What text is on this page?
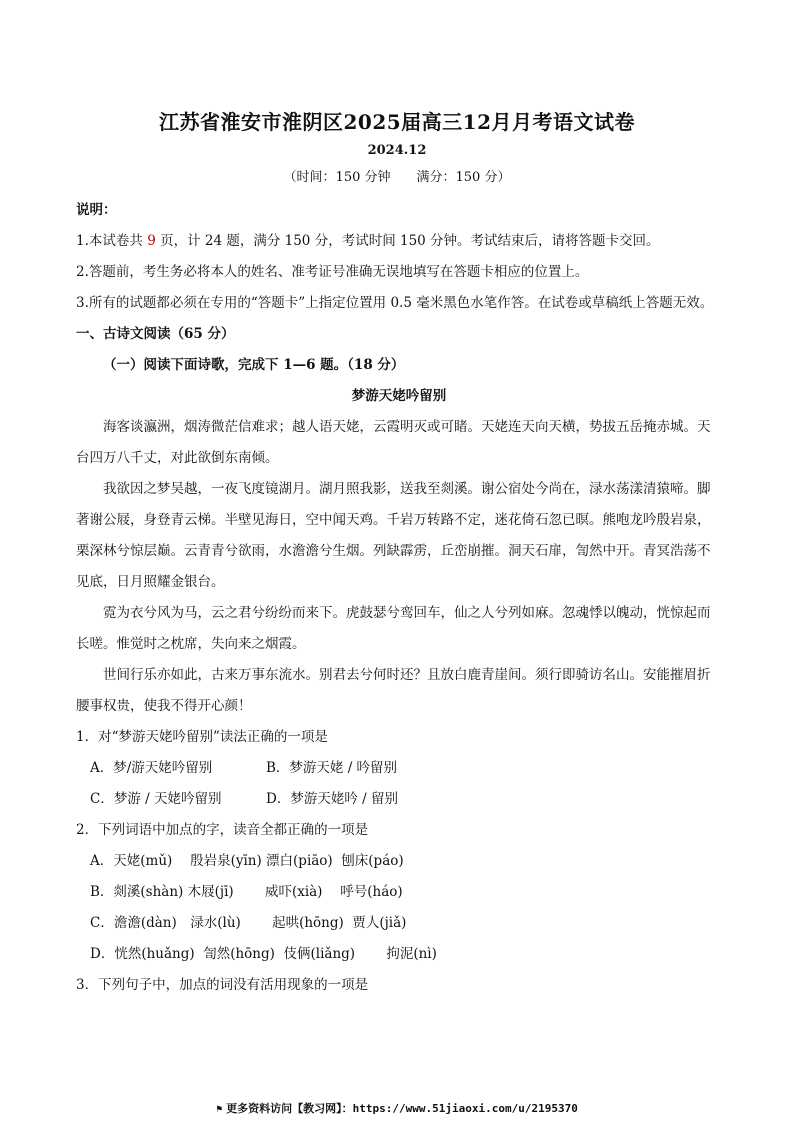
江苏省淮安市淮阴区2025届高三12月月考语文试卷
2024.12
（时间：150 分钟　　满分：150 分）

说明：

1.本试卷共 9 页，计 24 题，满分 150 分，考试时间 150 分钟。考试结束后，请将答题卡交回。

2.答题前，考生务必将本人的姓名、准考证号准确无误地填写在答题卡相应的位置上。

3.所有的试题都必须在专用的“答题卡”上指定位置用 0.5 毫米黑色水笔作答。在试卷或草稿纸上答题无效。

一、古诗文阅读（65 分）

（一）阅读下面诗歌，完成下 1—6 题。（18 分）

梦游天姥吟留别

海客谈瀛洲，烟涛微茫信难求；越人语天姥，云霞明灭或可睹。天姥连天向天横，势拔五岳掩赤城。天台四万八千丈，对此欲倒东南倾。

我欲因之梦吴越，一夜飞度镜湖月。湖月照我影，送我至剡溪。谢公宿处今尚在，渌水荡漾清猿啼。脚著谢公屐，身登青云梯。半壁见海日，空中闻天鸡。千岩万转路不定，迷花倚石忽已暝。熊咆龙吟殷岩泉，栗深林兮惊层巅。云青青兮欲雨，水澹澹兮生烟。列缺霹雳，丘峦崩摧。洞天石扉，訇然中开。青冥浩荡不见底，日月照耀金银台。

霓为衣兮风为马，云之君兮纷纷而来下。虎鼓瑟兮鸾回车，仙之人兮列如麻。忽魂悸以魄动，恍惊起而长嗟。惟觉时之枕席，失向来之烟霞。

世间行乐亦如此，古来万事东流水。别君去兮何时还？且放白鹿青崖间。须行即骑访名山。安能摧眉折腰事权贵，使我不得开心颜！

1．对“梦游天姥吟留别”读法正确的一项是

A．梦/游天姥吟留别	B．梦游天姥 / 吟留别

C．梦游 / 天姥吟留别	D．梦游天姥吟 / 留别

2．下列词语中加点的字，读音全都正确的一项是

A．天姥(mǔ)　 殷岩泉(yīn) 漂白(piāo)  刨床(páo)

B．剡溪(shàn) 木屐(jī)　　 威吓(xià)　 呼号(háo)

C．澹澹(dàn)　渌水(lù)　　 起哄(hōng)  贾人(jiǎ)

D．恍然(huǎng)  訇然(hōng)  伎俩(liǎng)　　 拘泥(nì)

3．下列句子中，加点的词没有活用现象的一项是

⚑ 更多资料访问【教习网】：https://www.51jiaoxi.com/u/2195370
